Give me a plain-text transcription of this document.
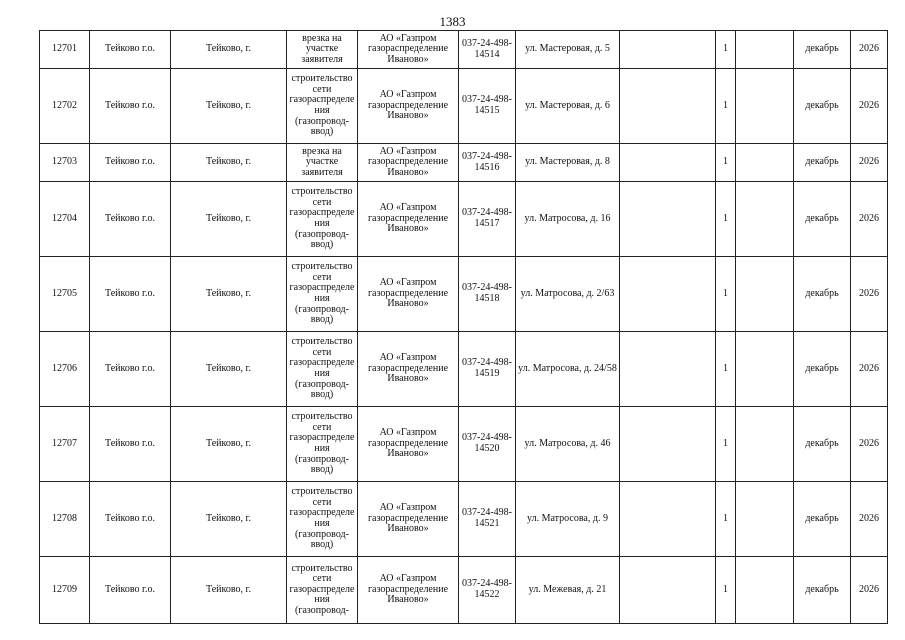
1383
12701	Тейково г.о.	Тейково, г.	врезка на участке заявителя	АО «Газпром газораспределение Иваново»	037-24-498-14514	ул. Мастеровая, д. 5		1		декабрь	2026
12702	Тейково г.о.	Тейково, г.	строительство сети газораспределения (газопровод-ввод)	АО «Газпром газораспределение Иваново»	037-24-498-14515	ул. Мастеровая, д. 6		1		декабрь	2026
12703	Тейково г.о.	Тейково, г.	врезка на участке заявителя	АО «Газпром газораспределение Иваново»	037-24-498-14516	ул. Мастеровая, д. 8		1		декабрь	2026
12704	Тейково г.о.	Тейково, г.	строительство сети газораспределения (газопровод-ввод)	АО «Газпром газораспределение Иваново»	037-24-498-14517	ул. Матросова, д. 16		1		декабрь	2026
12705	Тейково г.о.	Тейково, г.	строительство сети газораспределения (газопровод-ввод)	АО «Газпром газораспределение Иваново»	037-24-498-14518	ул. Матросова, д. 2/63		1		декабрь	2026
12706	Тейково г.о.	Тейково, г.	строительство сети газораспределения (газопровод-ввод)	АО «Газпром газораспределение Иваново»	037-24-498-14519	ул. Матросова, д. 24/58		1		декабрь	2026
12707	Тейково г.о.	Тейково, г.	строительство сети газораспределения (газопровод-ввод)	АО «Газпром газораспределение Иваново»	037-24-498-14520	ул. Матросова, д. 46		1		декабрь	2026
12708	Тейково г.о.	Тейково, г.	строительство сети газораспределения (газопровод-ввод)	АО «Газпром газораспределение Иваново»	037-24-498-14521	ул. Матросова, д. 9		1		декабрь	2026
12709	Тейково г.о.	Тейково, г.	строительство сети газораспределения (газопровод-	АО «Газпром газораспределение Иваново»	037-24-498-14522	ул. Межевая, д. 21		1		декабрь	2026
